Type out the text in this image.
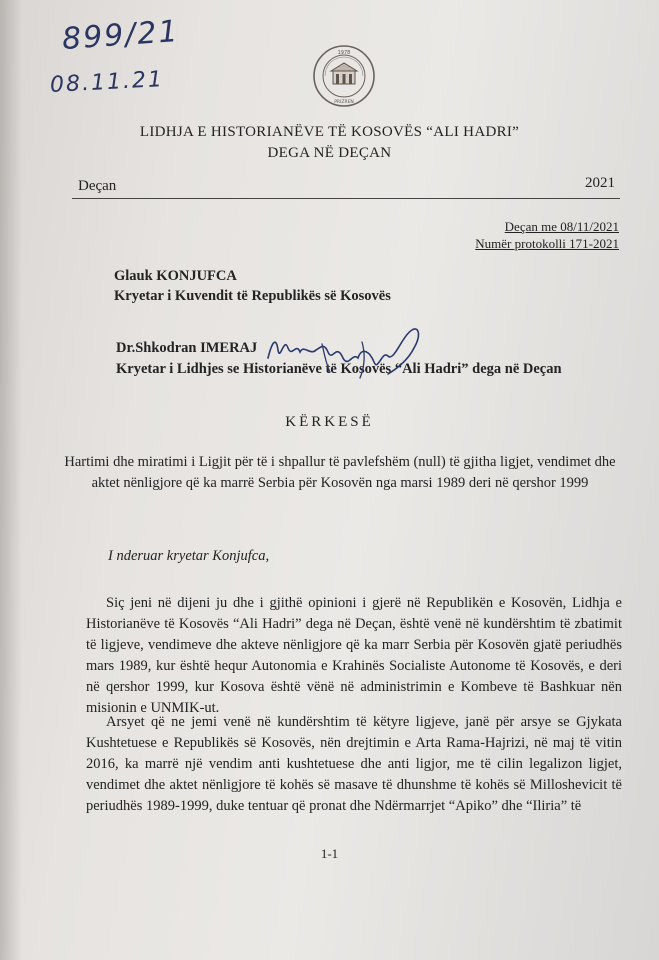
899/21
08.11.21
1978
PRIZREN
LIDHJA E HISTORIANËVE TË KOSOVËS “ALI HADRI”
DEGA NË DEÇAN
Deçan	2021
Deçan me 08/11/2021
Numër protokolli 171-2021
Glauk KONJUFCA
Kryetar i Kuvendit të Republikës së Kosovës
Dr.Shkodran IMERAJ
Kryetar i Lidhjes se Historianëve të Kosovës “Ali Hadri” dega në Deçan
KËRKESË
Hartimi dhe miratimi i Ligjit për të i shpallur të pavlefshëm (null) të gjitha ligjet, vendimet dhe aktet nënligjore që ka marrë Serbia për Kosovën nga marsi 1989 deri në qershor 1999
I nderuar kryetar Konjufca,
Siç jeni në dijeni ju dhe i gjithë opinioni i gjerë në Republikën e Kosovën, Lidhja e Historianëve të Kosovës “Ali Hadri” dega në Deçan, është venë në kundërshtim të zbatimit të ligjeve, vendimeve dhe akteve nënligjore që ka marr Serbia për Kosovën gjatë periudhës mars 1989, kur është hequr Autonomia e Krahinës Socialiste Autonome të Kosovës, e deri në qershor 1999, kur Kosova është vënë në administrimin e Kombeve të Bashkuar nën misionin e UNMIK-ut.
Arsyet që ne jemi venë në kundërshtim të këtyre ligjeve, janë për arsye se Gjykata Kushtetuese e Republikës së Kosovës, nën drejtimin e Arta Rama-Hajrizi, në maj të vitin 2016, ka marrë një vendim anti kushtetuese dhe anti ligjor, me të cilin legalizon ligjet, vendimet dhe aktet nënligjore të kohës së masave të dhunshme të kohës së Milloshevicit të periudhës 1989-1999, duke tentuar që pronat dhe Ndërmarrjet “Apiko” dhe “Iliria” të
1-1
